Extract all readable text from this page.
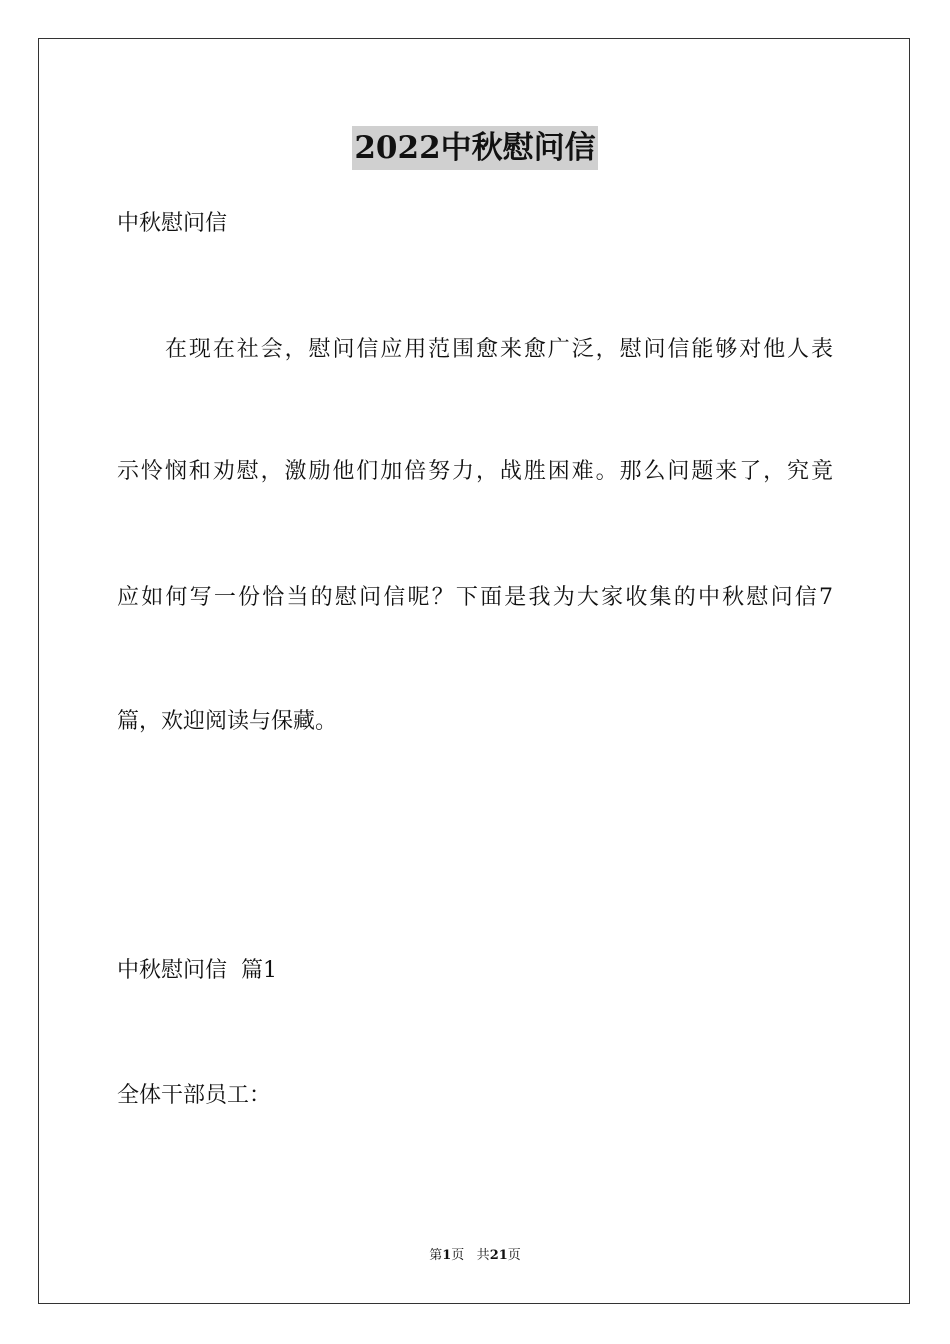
2022中秋慰问信
中秋慰问信
在现在社会，慰问信应用范围愈来愈广泛，慰问信能够对他人表
示怜悯和劝慰，激励他们加倍努力，战胜困难。那么问题来了，究竟
应如何写一份恰当的慰问信呢？下面是我为大家收集的中秋慰问信7
篇，欢迎阅读与保藏。
中秋慰问信  篇1
全体干部员工：
第1页 共21页
